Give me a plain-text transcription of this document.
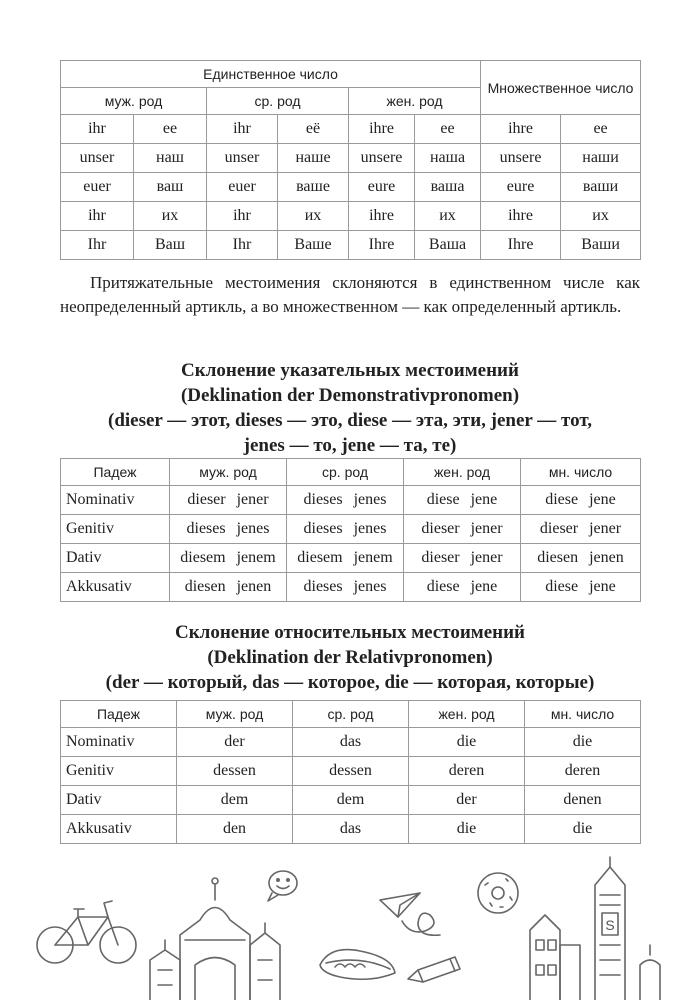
Единственное число						Множественное число	
муж. род		ср. род		жен. род			
ihr	ее	ihr	её	ihre	ее	ihre	ее
unser	наш	unser	наше	unsere	наша	unsere	наши
euer	ваш	euer	ваше	eure	ваша	eure	ваши
ihr	их	ihr	их	ihre	их	ihre	их
Ihr	Ваш	Ihr	Ваше	Ihre	Ваша	Ihre	Ваши

Притяжательные местоимения склоняются в единственном числе как неопределенный артикль, а во множественном — как определенный артикль.

Склонение указательных местоимений
(Deklination der Demonstrativpronomen)
(dieser — этот, dieses — это, diese — эта, эти, jener — тот,
jenes — то, jene — та, те)
Падеж	муж. род	ср. род	жен. род	мн. число
Nominativ	dieser jener	dieses jenes	diese jene	diese jene
Genitiv	dieses jenes	dieses jenes	dieser jener	dieser jener
Dativ	diesem jenem	diesem jenem	dieser jener	diesen jenen
Akkusativ	diesen jenen	dieses jenes	diese jene	diese jene
Склонение относительных местоимений
(Deklination der Relativpronomen)
(der — который, das — которое, die — которая, которые)
Падеж	муж. род	ср. род	жен. род	мн. число
Nominativ	der	das	die	die
Genitiv	dessen	dessen	deren	deren
Dativ	dem	dem	der	denen
Akkusativ	den	das	die	die
S
